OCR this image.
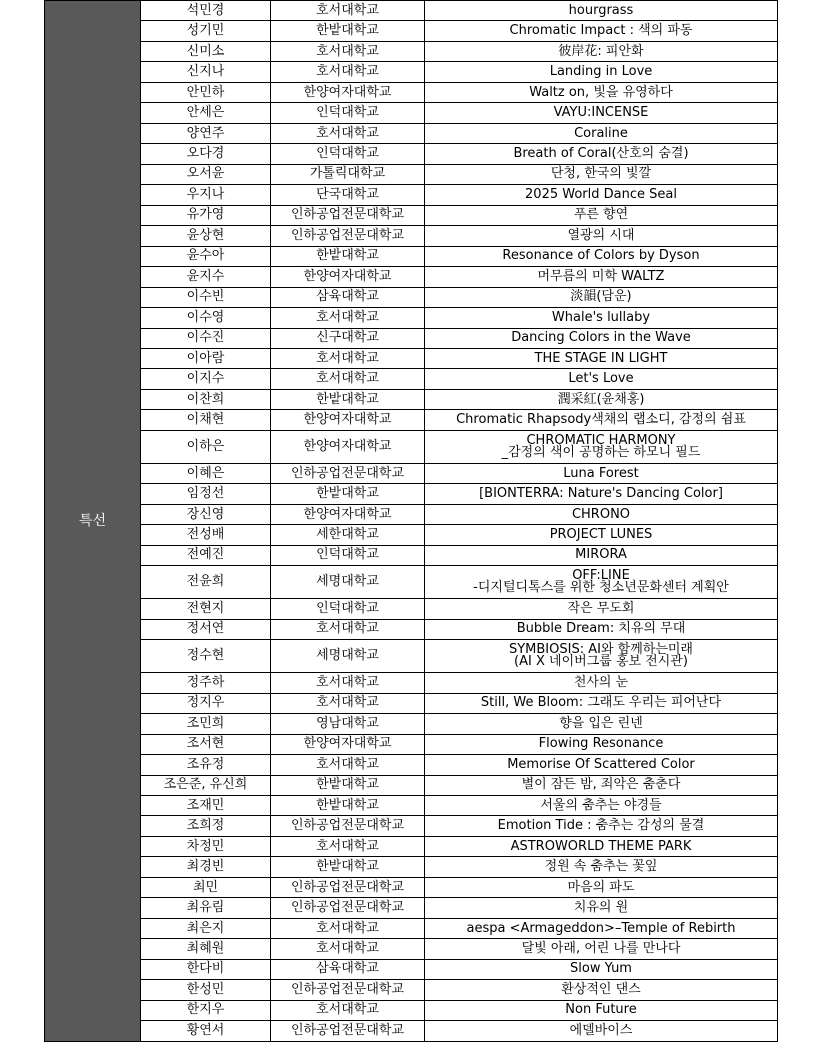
특선	석민경	호서대학교	hourgrass
	성기민	한밭대학교	Chromatic Impact : 색의 파동
	신미소	호서대학교	彼岸花: 피안화
	신지나	호서대학교	Landing in Love
	안민하	한양여자대학교	Waltz on, 빛을 유영하다
	안세은	인덕대학교	VAYU:INCENSE
	양연주	호서대학교	Coraline
	오다경	인덕대학교	Breath of Coral(산호의 숨결)
	오서윤	가톨릭대학교	단청, 한국의 빛깔
	우지나	단국대학교	2025 World Dance Seal
	유가영	인하공업전문대학교	푸른 향연
	윤상현	인하공업전문대학교	열광의 시대
	윤수아	한밭대학교	Resonance of Colors by Dyson
	윤지수	한양여자대학교	머무름의 미학 WALTZ
	이수빈	삼육대학교	淡韻(담운)
	이수영	호서대학교	Whale's lullaby
	이수진	신구대학교	Dancing Colors in the Wave
	이아람	호서대학교	THE STAGE IN LIGHT
	이지수	호서대학교	Let's Love
	이찬희	한밭대학교	潤采紅(윤채홍)
	이채현	한양여자대학교	Chromatic Rhapsody색채의 랩소디, 감정의 쉼표
	이하은	한양여자대학교	CHROMATIC HARMONY
_감정의 색이 공명하는 하모니 필드

	이혜은	인하공업전문대학교	Luna Forest
	임정선	한밭대학교	[BIONTERRA: Nature's Dancing Color]
	장신영	한양여자대학교	CHRONO
	전성배	세한대학교	PROJECT LUNES
	전예진	인덕대학교	MIRORA
	전윤희	세명대학교	OFF:LINE
-디지털디톡스를 위한 청소년문화센터 계획안

	전현지	인덕대학교	작은 무도회
	정서연	호서대학교	Bubble Dream: 치유의 무대
	정수현	세명대학교	SYMBIOSIS: AI와 함께하는미래
(AI X 네이버그룹 홍보 전시관)

	정주하	호서대학교	천사의 눈
	정지우	호서대학교	Still, We Bloom: 그래도 우리는 피어난다
	조민희	영남대학교	향을 입은 린넨
	조서현	한양여자대학교	Flowing Resonance
	조유정	호서대학교	Memorise Of Scattered Color
	조은준, 유신희	한밭대학교	별이 잠든 밤, 죄악은 춤춘다
	조재민	한밭대학교	서울의 춤추는 야경들
	조희정	인하공업전문대학교	Emotion Tide : 춤추는 감성의 물결
	차정민	호서대학교	ASTROWORLD THEME PARK
	최경빈	한밭대학교	정원 속 춤추는 꽃잎
	최민	인하공업전문대학교	마음의 파도
	최유림	인하공업전문대학교	치유의 원
	최은지	호서대학교	aespa <Armageddon>–Temple of Rebirth
	최혜원	호서대학교	달빛 아래, 어린 나를 만나다
	한다비	삼육대학교	Slow Yum
	한성민	인하공업전문대학교	환상적인 댄스
	한지우	호서대학교	Non Future
	황연서	인하공업전문대학교	에델바이스
